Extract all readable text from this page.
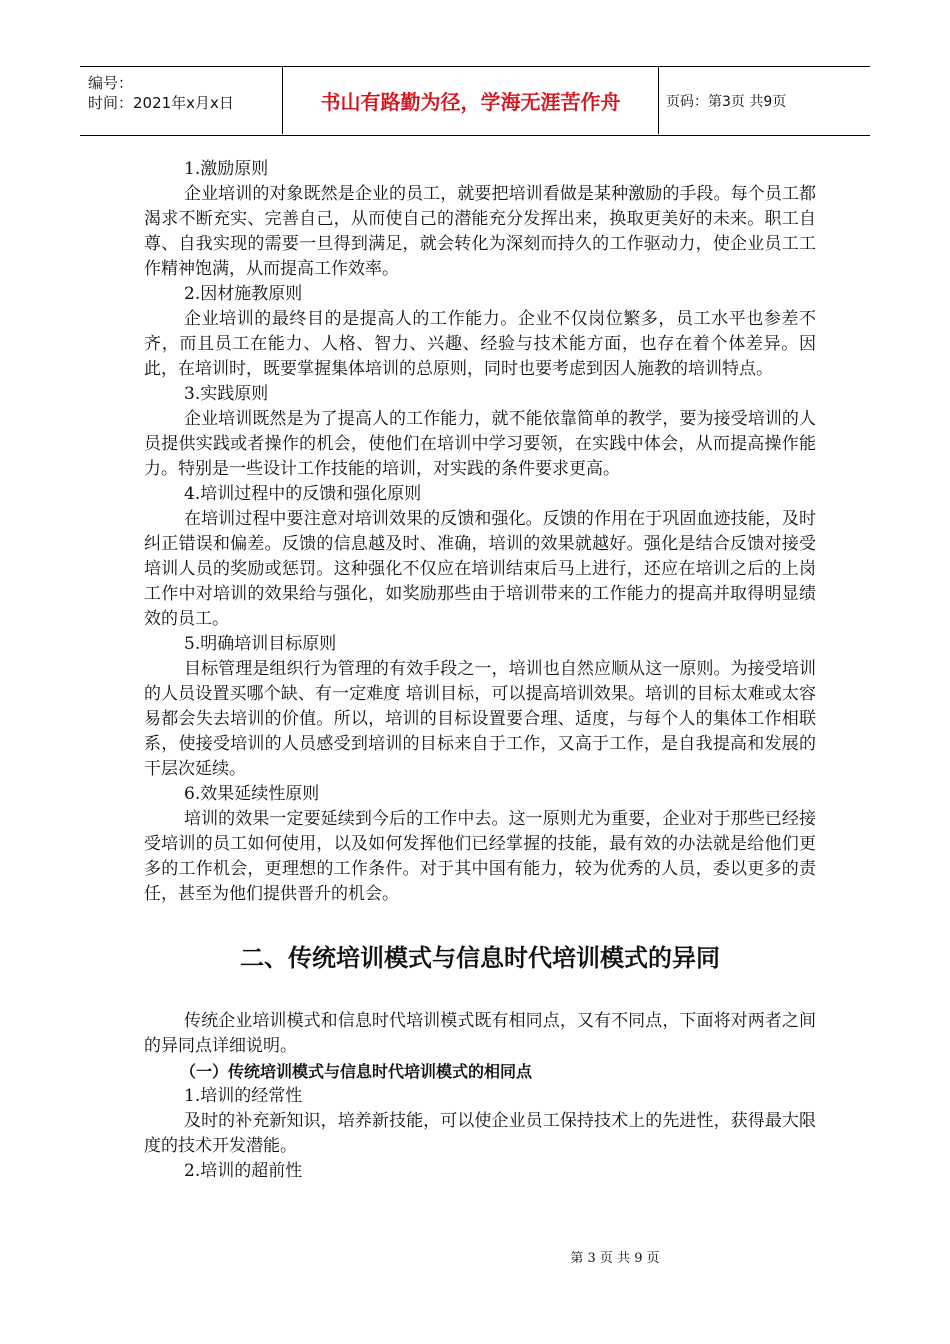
编号：
时间：2021年x月x日	书山有路勤为径，学海无涯苦作舟	页码：第3页 共9页

1.激励原则

企业培训的对象既然是企业的员工，就要把培训看做是某种激励的手段。每个员工都渴求不断充实、完善自己，从而使自己的潜能充分发挥出来，换取更美好的未来。职工自尊、自我实现的需要一旦得到满足，就会转化为深刻而持久的工作驱动力，使企业员工工作精神饱满，从而提高工作效率。

2.因材施教原则

企业培训的最终目的是提高人的工作能力。企业不仅岗位繁多，员工水平也参差不齐，而且员工在能力、人格、智力、兴趣、经验与技术能方面，也存在着个体差异。因此，在培训时，既要掌握集体培训的总原则，同时也要考虑到因人施教的培训特点。

3.实践原则

企业培训既然是为了提高人的工作能力，就不能依靠简单的教学，要为接受培训的人员提供实践或者操作的机会，使他们在培训中学习要领，在实践中体会，从而提高操作能力。特别是一些设计工作技能的培训，对实践的条件要求更高。

4.培训过程中的反馈和强化原则

在培训过程中要注意对培训效果的反馈和强化。反馈的作用在于巩固血迹技能，及时纠正错误和偏差。反馈的信息越及时、准确，培训的效果就越好。强化是结合反馈对接受培训人员的奖励或惩罚。这种强化不仅应在培训结束后马上进行，还应在培训之后的上岗工作中对培训的效果给与强化，如奖励那些由于培训带来的工作能力的提高并取得明显绩效的员工。

5.明确培训目标原则

目标管理是组织行为管理的有效手段之一，培训也自然应顺从这一原则。为接受培训的人员设置买哪个缺、有一定难度 培训目标，可以提高培训效果。培训的目标太难或太容易都会失去培训的价值。所以，培训的目标设置要合理、适度，与每个人的集体工作相联系，使接受培训的人员感受到培训的目标来自于工作，又高于工作，是自我提高和发展的干层次延续。

6.效果延续性原则

培训的效果一定要延续到今后的工作中去。这一原则尤为重要，企业对于那些已经接受培训的员工如何使用，以及如何发挥他们已经掌握的技能，最有效的办法就是给他们更多的工作机会，更理想的工作条件。对于其中国有能力，较为优秀的人员，委以更多的责任，甚至为他们提供晋升的机会。

二、传统培训模式与信息时代培训模式的异同

传统企业培训模式和信息时代培训模式既有相同点，又有不同点，下面将对两者之间的异同点详细说明。

（一）传统培训模式与信息时代培训模式的相同点

1.培训的经常性

及时的补充新知识，培养新技能，可以使企业员工保持技术上的先进性，获得最大限度的技术开发潜能。

2.培训的超前性

第 3 页 共 9 页
